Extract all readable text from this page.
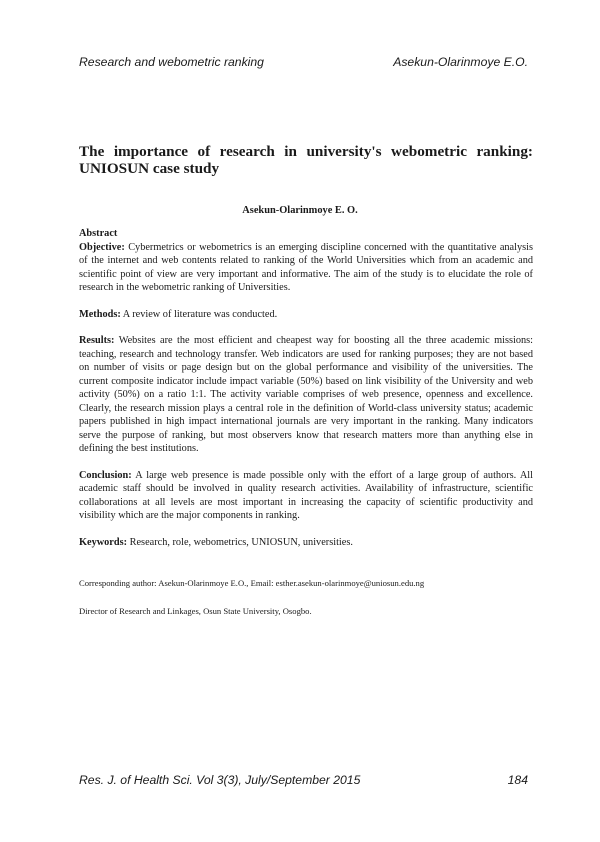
Research and webometric ranking	Asekun-Olarinmoye E.O.
The importance of research in university's webometric ranking: UNIOSUN case study
Asekun-Olarinmoye E. O.
Abstract

Objective: Cybermetrics or webometrics is an emerging discipline concerned with the quantitative analysis of the internet and web contents related to ranking of the World Universities which from an academic and scientific point of view are very important and informative. The aim of the study is to elucidate the role of research in the webometric ranking of Universities.

Methods: A review of literature was conducted.

Results: Websites are the most efficient and cheapest way for boosting all the three academic missions: teaching, research and technology transfer. Web indicators are used for ranking purposes; they are not based on number of visits or page design but on the global performance and visibility of the universities. The current composite indicator include impact variable (50%) based on link visibility of the University and web activity (50%) on a ratio 1:1. The activity variable comprises of web presence, openness and excellence. Clearly, the research mission plays a central role in the definition of World-class university status; academic papers published in high impact international journals are very important in the ranking. Many indicators serve the purpose of ranking, but most observers know that research matters more than anything else in defining the best institutions.

Conclusion: A large web presence is made possible only with the effort of a large group of authors. All academic staff should be involved in quality research activities. Availability of infrastructure, scientific collaborations at all levels are most important in increasing the capacity of scientific productivity and visibility which are the major components in ranking.

Keywords: Research, role, webometrics, UNIOSUN, universities.

Corresponding author: Asekun-Olarinmoye E.O., Email: esther.asekun-olarinmoye@uniosun.edu.ng
Director of Research and Linkages, Osun State University, Osogbo.
Res. J. of Health Sci. Vol 3(3), July/September 2015	184
